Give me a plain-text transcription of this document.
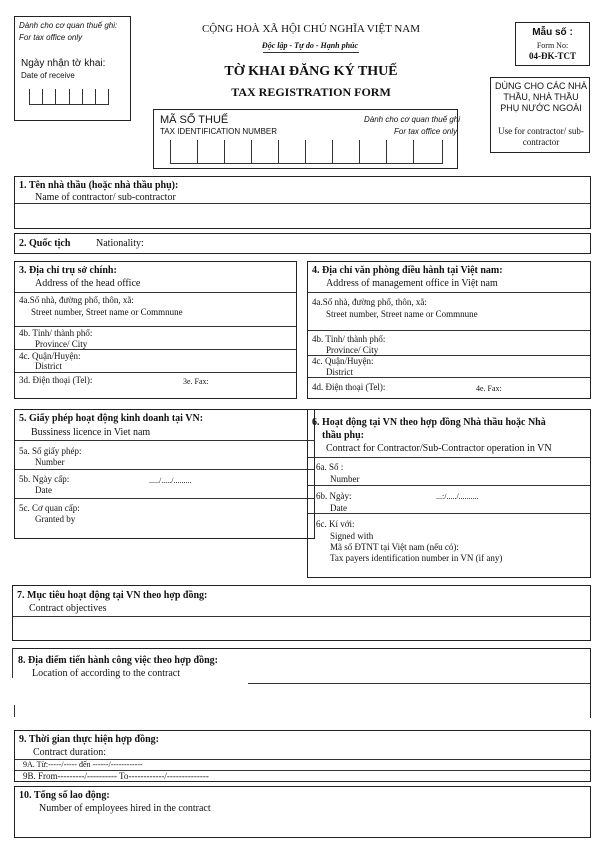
Dành cho cơ quan thuế ghi:
For tax office only
Ngày nhận tờ khai:
Date of receive
CỘNG HOÀ XÃ HỘI CHỦ NGHĨA VIỆT NAM
Độc lập - Tự do - Hạnh phúc
TỜ KHAI ĐĂNG KÝ THUẾ
TAX REGISTRATION FORM
Mẫu số :
Form No:
04-ĐK-TCT
DÙNG CHO CÁC NHÀ THẦU, NHÀ THẦU PHỤ NƯỚC NGOÀI
Use for contractor/ sub-contractor
MÃ SỐ THUẾ
TAX IDENTIFICATION NUMBER
Dành cho cơ quan thuế ghi
For tax office only
1. Tên nhà thầu (hoặc nhà thầu phụ):
Name of contractor/ sub-contractor
2. Quốc tịch	Nationality:
3. Địa chỉ trụ sở chính:
Address of the head office
4a.Số nhà, đường phố, thôn, xã:
Street number, Street name or Commnune
4b. Tỉnh/ thành phố:
Province/ City
4c. Quận/Huyện:
District
3d. Điện thoại (Tel):	3e. Fax:
4. Địa chỉ văn phòng điều hành tại Việt nam:
Address of management office in Việt nam
4a.Số nhà, đường phố, thôn, xã:
Street number, Street name or Commnune
4b. Tỉnh/ thành phố:
Province/ City
4c. Quận/Huyện:
District
4d. Điện thoại (Tel):	4e. Fax:
5. Giấy phép hoạt động kinh doanh tại VN:
Bussiness licence in Viet nam
5a. Số giấy phép:
Number
5b. Ngày cấp:
Date
...../...../.........
5c. Cơ quan cấp:
Granted by
6. Hoạt động tại VN theo hợp đồng Nhà thầu hoặc Nhà
thầu phụ:
Contract for Contractor/Sub-Contractor operation in VN
6a. Số :
Number
6b. Ngày:
Date
...:/...../..........
6c. Kí với:
Signed with
Mã số ĐTNT tại Việt nam (nếu có):
Tax payers identification number in VN (if any)
7. Mục tiêu hoạt động tại VN theo hợp đồng:
Contract objectives
8. Địa điểm tiến hành công việc theo hợp đồng:
Location of according to the contract
9. Thời gian thực hiện hợp đồng:
Contract duration:
9A. Từ:-----/----- đến ------/------------
9B. From---------/---------- To------------/--------------
10. Tổng số lao động:
Number of employees hired in the contract
